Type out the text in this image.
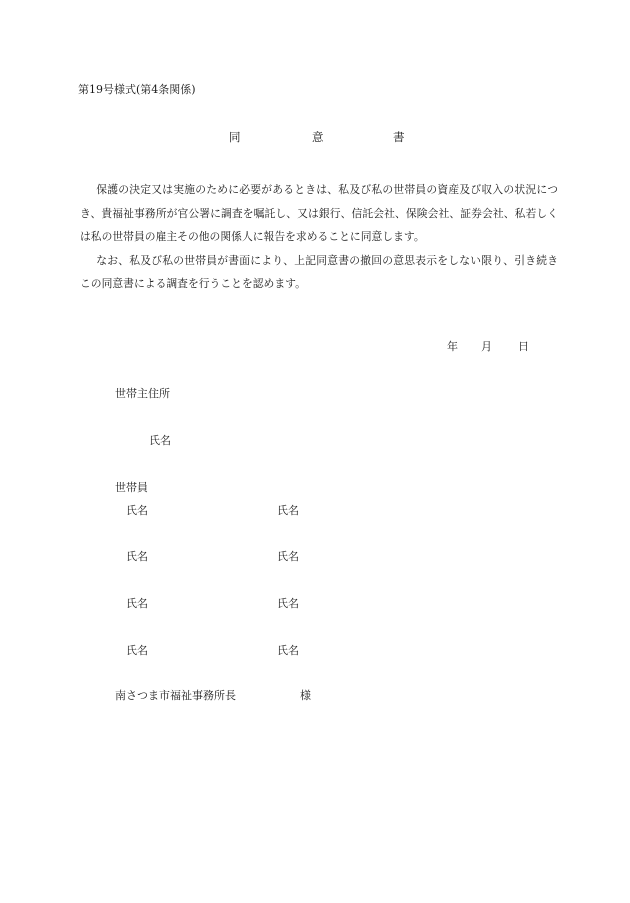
第19号様式(第4条関係)
同	意	書

保護の決定又は実施のために必要があるときは、私及び私の世帯員の資産及び収入の状況につき、貴福祉事務所が官公署に調査を嘱託し、又は銀行、信託会社、保険会社、証券会社、私若しくは私の世帯員の雇主その他の関係人に報告を求めることに同意します。

なお、私及び私の世帯員が書面により、上記同意書の撤回の意思表示をしない限り、引き続きこの同意書による調査を行うことを認めます。

年 月 日
世帯主住所
氏名
世帯員
氏名	氏名
氏名	氏名
氏名	氏名
氏名	氏名
南さつま市福祉事務所長	様
